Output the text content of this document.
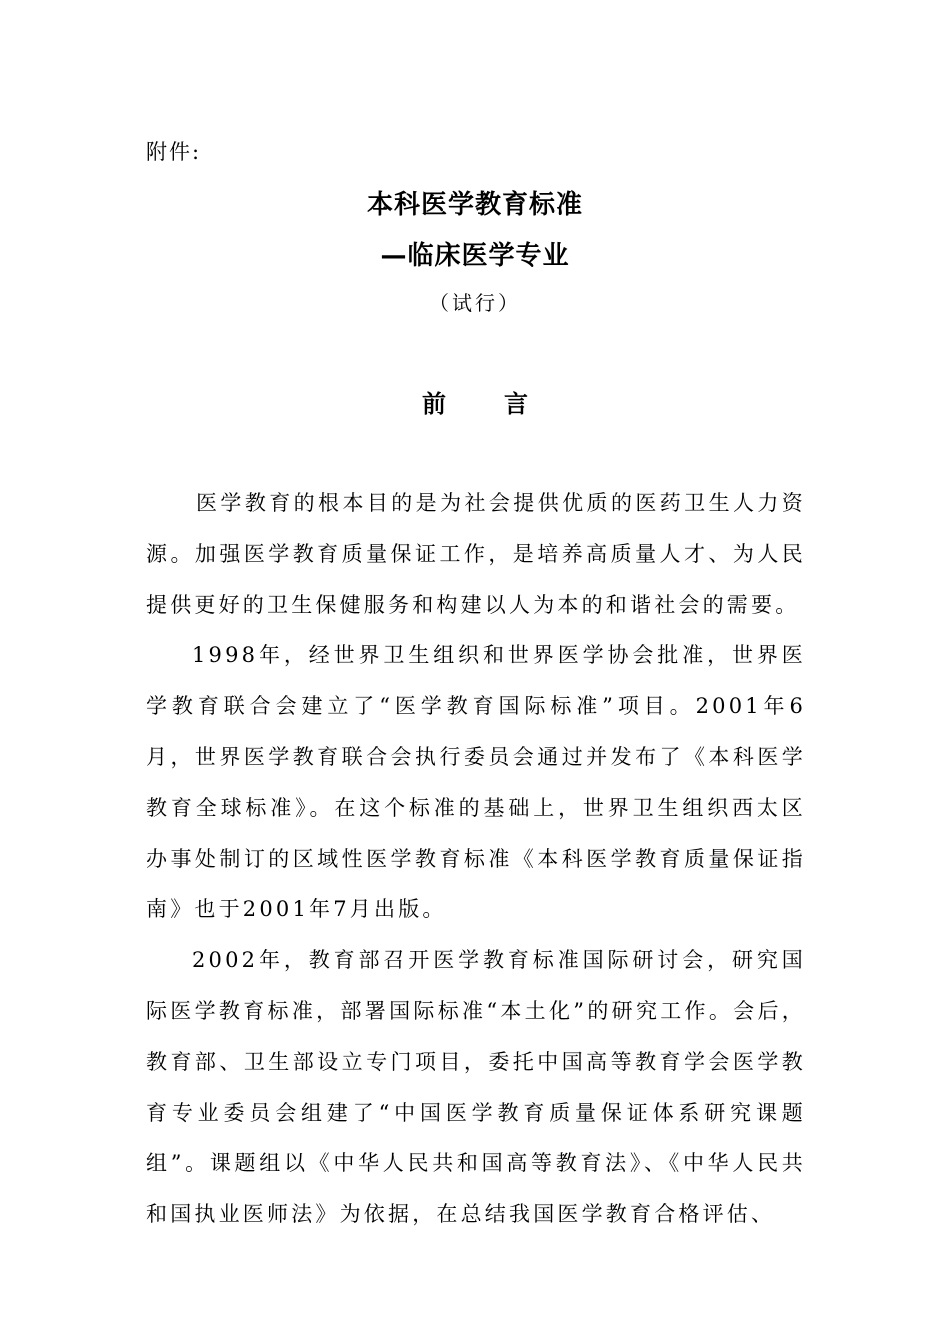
附件:
本科医学教育标准
—临床医学专业
（试行）
前 言

医学教育的根本目的是为社会提供优质的医药卫生人力资源。加强医学教育质量保证工作，是培养高质量人才、为人民提供更好的卫生保健服务和构建以人为本的和谐社会的需要。

1998年，经世界卫生组织和世界医学协会批准，世界医学教育联合会建立了“医学教育国际标准”项目。2001年6月，世界医学教育联合会执行委员会通过并发布了《本科医学教育全球标准》。在这个标准的基础上，世界卫生组织西太区办事处制订的区域性医学教育标准《本科医学教育质量保证指南》也于2001年7月出版。

2002年，教育部召开医学教育标准国际研讨会，研究国际医学教育标准，部署国际标准“本土化”的研究工作。会后，教育部、卫生部设立专门项目，委托中国高等教育学会医学教育专业委员会组建了“中国医学教育质量保证体系研究课题组”。课题组以《中华人民共和国高等教育法》、《中华人民共和国执业医师法》为依据，在总结我国医学教育合格评估、
